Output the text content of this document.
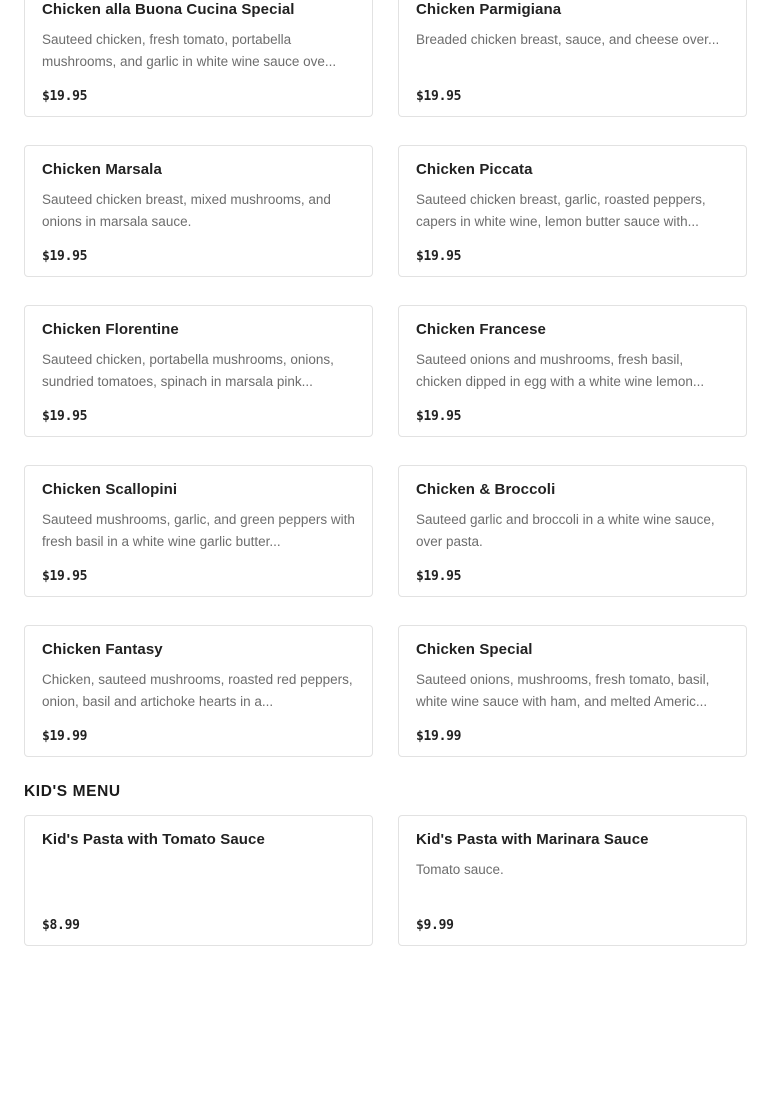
Chicken alla Buona Cucina Special
Sauteed chicken, fresh tomato, portabella mushrooms, and garlic in white wine sauce ove...
$19.95
Chicken Parmigiana
Breaded chicken breast, sauce, and cheese over...
$19.95
Chicken Marsala
Sauteed chicken breast, mixed mushrooms, and onions in marsala sauce.
$19.95
Chicken Piccata
Sauteed chicken breast, garlic, roasted peppers, capers in white wine, lemon butter sauce with...
$19.95
Chicken Florentine
Sauteed chicken, portabella mushrooms, onions, sundried tomatoes, spinach in marsala pink...
$19.95
Chicken Francese
Sauteed onions and mushrooms, fresh basil, chicken dipped in egg with a white wine lemon...
$19.95
Chicken Scallopini
Sauteed mushrooms, garlic, and green peppers with fresh basil in a white wine garlic butter...
$19.95
Chicken & Broccoli
Sauteed garlic and broccoli in a white wine sauce, over pasta.
$19.95
Chicken Fantasy
Chicken, sauteed mushrooms, roasted red peppers, onion, basil and artichoke hearts in a...
$19.99
Chicken Special
Sauteed onions, mushrooms, fresh tomato, basil, white wine sauce with ham, and melted Americ...
$19.99
KID'S MENU
Kid's Pasta with Tomato Sauce
$8.99
Kid's Pasta with Marinara Sauce
Tomato sauce.
$9.99
